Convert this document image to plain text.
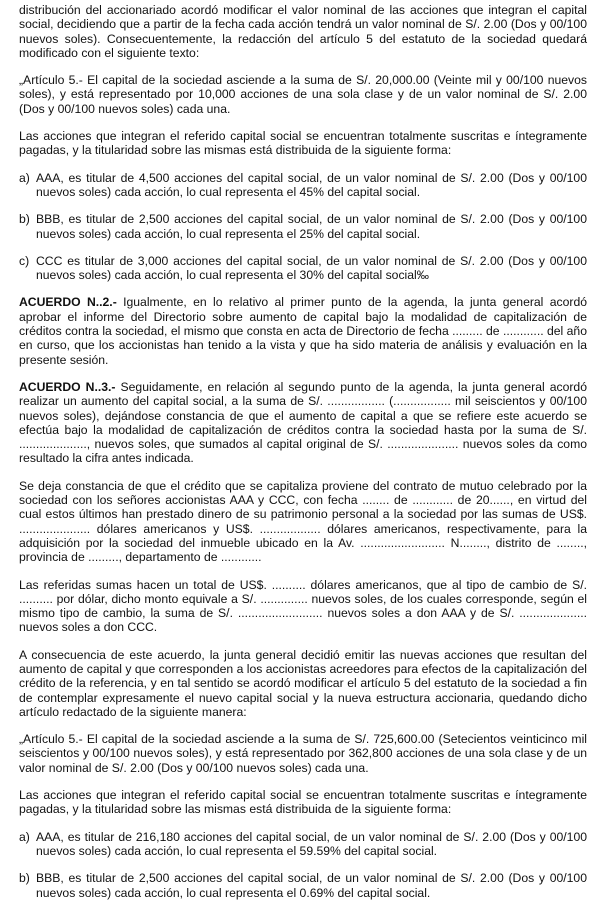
distribución del accionariado acordó modificar el valor nominal de las acciones que integran el capital social, decidiendo que a partir de la fecha cada acción tendrá un valor nominal de S/. 2.00 (Dos y 00/100 nuevos soles). Consecuentemente, la redacción del artículo 5 del estatuto de la sociedad quedará modificado con el siguiente texto:

„Artículo 5.- El capital de la sociedad asciende a la suma de S/. 20,000.00 (Veinte mil y 00/100 nuevos soles), y está representado por 10,000 acciones de una sola clase y de un valor nominal de S/. 2.00 (Dos y 00/100 nuevos soles) cada una.

Las acciones que integran el referido capital social se encuentran totalmente suscritas e íntegramente pagadas, y la titularidad sobre las mismas está distribuida de la siguiente forma:

a) AAA, es titular de 4,500 acciones del capital social, de un valor nominal de S/. 2.00 (Dos y 00/100 nuevos soles) cada acción, lo cual representa el 45% del capital social.
b) BBB, es titular de 2,500 acciones del capital social, de un valor nominal de S/. 2.00 (Dos y 00/100 nuevos soles) cada acción, lo cual representa el 25% del capital social.
c) CCC es titular de 3,000 acciones del capital social, de un valor nominal de S/. 2.00 (Dos y 00/100 nuevos soles) cada acción, lo cual representa el 30% del capital social‰

ACUERDO N..2.- Igualmente, en lo relativo al primer punto de la agenda, la junta general acordó aprobar el informe del Directorio sobre aumento de capital bajo la modalidad de capitalización de créditos contra la sociedad, el mismo que consta en acta de Directorio de fecha ......... de ............ del año en curso, que los accionistas han tenido a la vista y que ha sido materia de análisis y evaluación en la presente sesión.

ACUERDO N..3.- Seguidamente, en relación al segundo punto de la agenda, la junta general acordó realizar un aumento del capital social, a la suma de S/. ................. (................. mil seiscientos y 00/100 nuevos soles), dejándose constancia de que el aumento de capital a que se refiere este acuerdo se efectúa bajo la modalidad de capitalización de créditos contra la sociedad hasta por la suma de S/. ...................., nuevos soles, que sumados al capital original de S/. ..................... nuevos soles da como resultado la cifra antes indicada.

Se deja constancia de que el crédito que se capitaliza proviene del contrato de mutuo celebrado por la sociedad con los señores accionistas AAA y CCC, con fecha ........ de ............ de 20......, en virtud del cual estos últimos han prestado dinero de su patrimonio personal a la sociedad por las sumas de US$. ..................... dólares americanos y US$. .................. dólares americanos, respectivamente, para la adquisición por la sociedad del inmueble ubicado en la Av. ......................... N........, distrito de ........, provincia de ........., departamento de ............

Las referidas sumas hacen un total de US$. .......... dólares americanos, que al tipo de cambio de S/. .......... por dólar, dicho monto equivale a S/. .............. nuevos soles, de los cuales corresponde, según el mismo tipo de cambio, la suma de S/. ......................... nuevos soles a don AAA y de S/. .................... nuevos soles a don CCC.

A consecuencia de este acuerdo, la junta general decidió emitir las nuevas acciones que resultan del aumento de capital y que corresponden a los accionistas acreedores para efectos de la capitalización del crédito de la referencia, y en tal sentido se acordó modificar el artículo 5 del estatuto de la sociedad a fin de contemplar expresamente el nuevo capital social y la nueva estructura accionaria, quedando dicho artículo redactado de la siguiente manera:

„Artículo 5.- El capital de la sociedad asciende a la suma de S/. 725,600.00 (Setecientos veinticinco mil seiscientos y 00/100 nuevos soles), y está representado por 362,800 acciones de una sola clase y de un valor nominal de S/. 2.00 (Dos y 00/100 nuevos soles) cada una.

Las acciones que integran el referido capital social se encuentran totalmente suscritas e íntegramente pagadas, y la titularidad sobre las mismas está distribuida de la siguiente forma:

a) AAA, es titular de 216,180 acciones del capital social, de un valor nominal de S/. 2.00 (Dos y 00/100 nuevos soles) cada acción, lo cual representa el 59.59% del capital social.
b) BBB, es titular de 2,500 acciones del capital social, de un valor nominal de S/. 2.00 (Dos y 00/100 nuevos soles) cada acción, lo cual representa el 0.69% del capital social.
